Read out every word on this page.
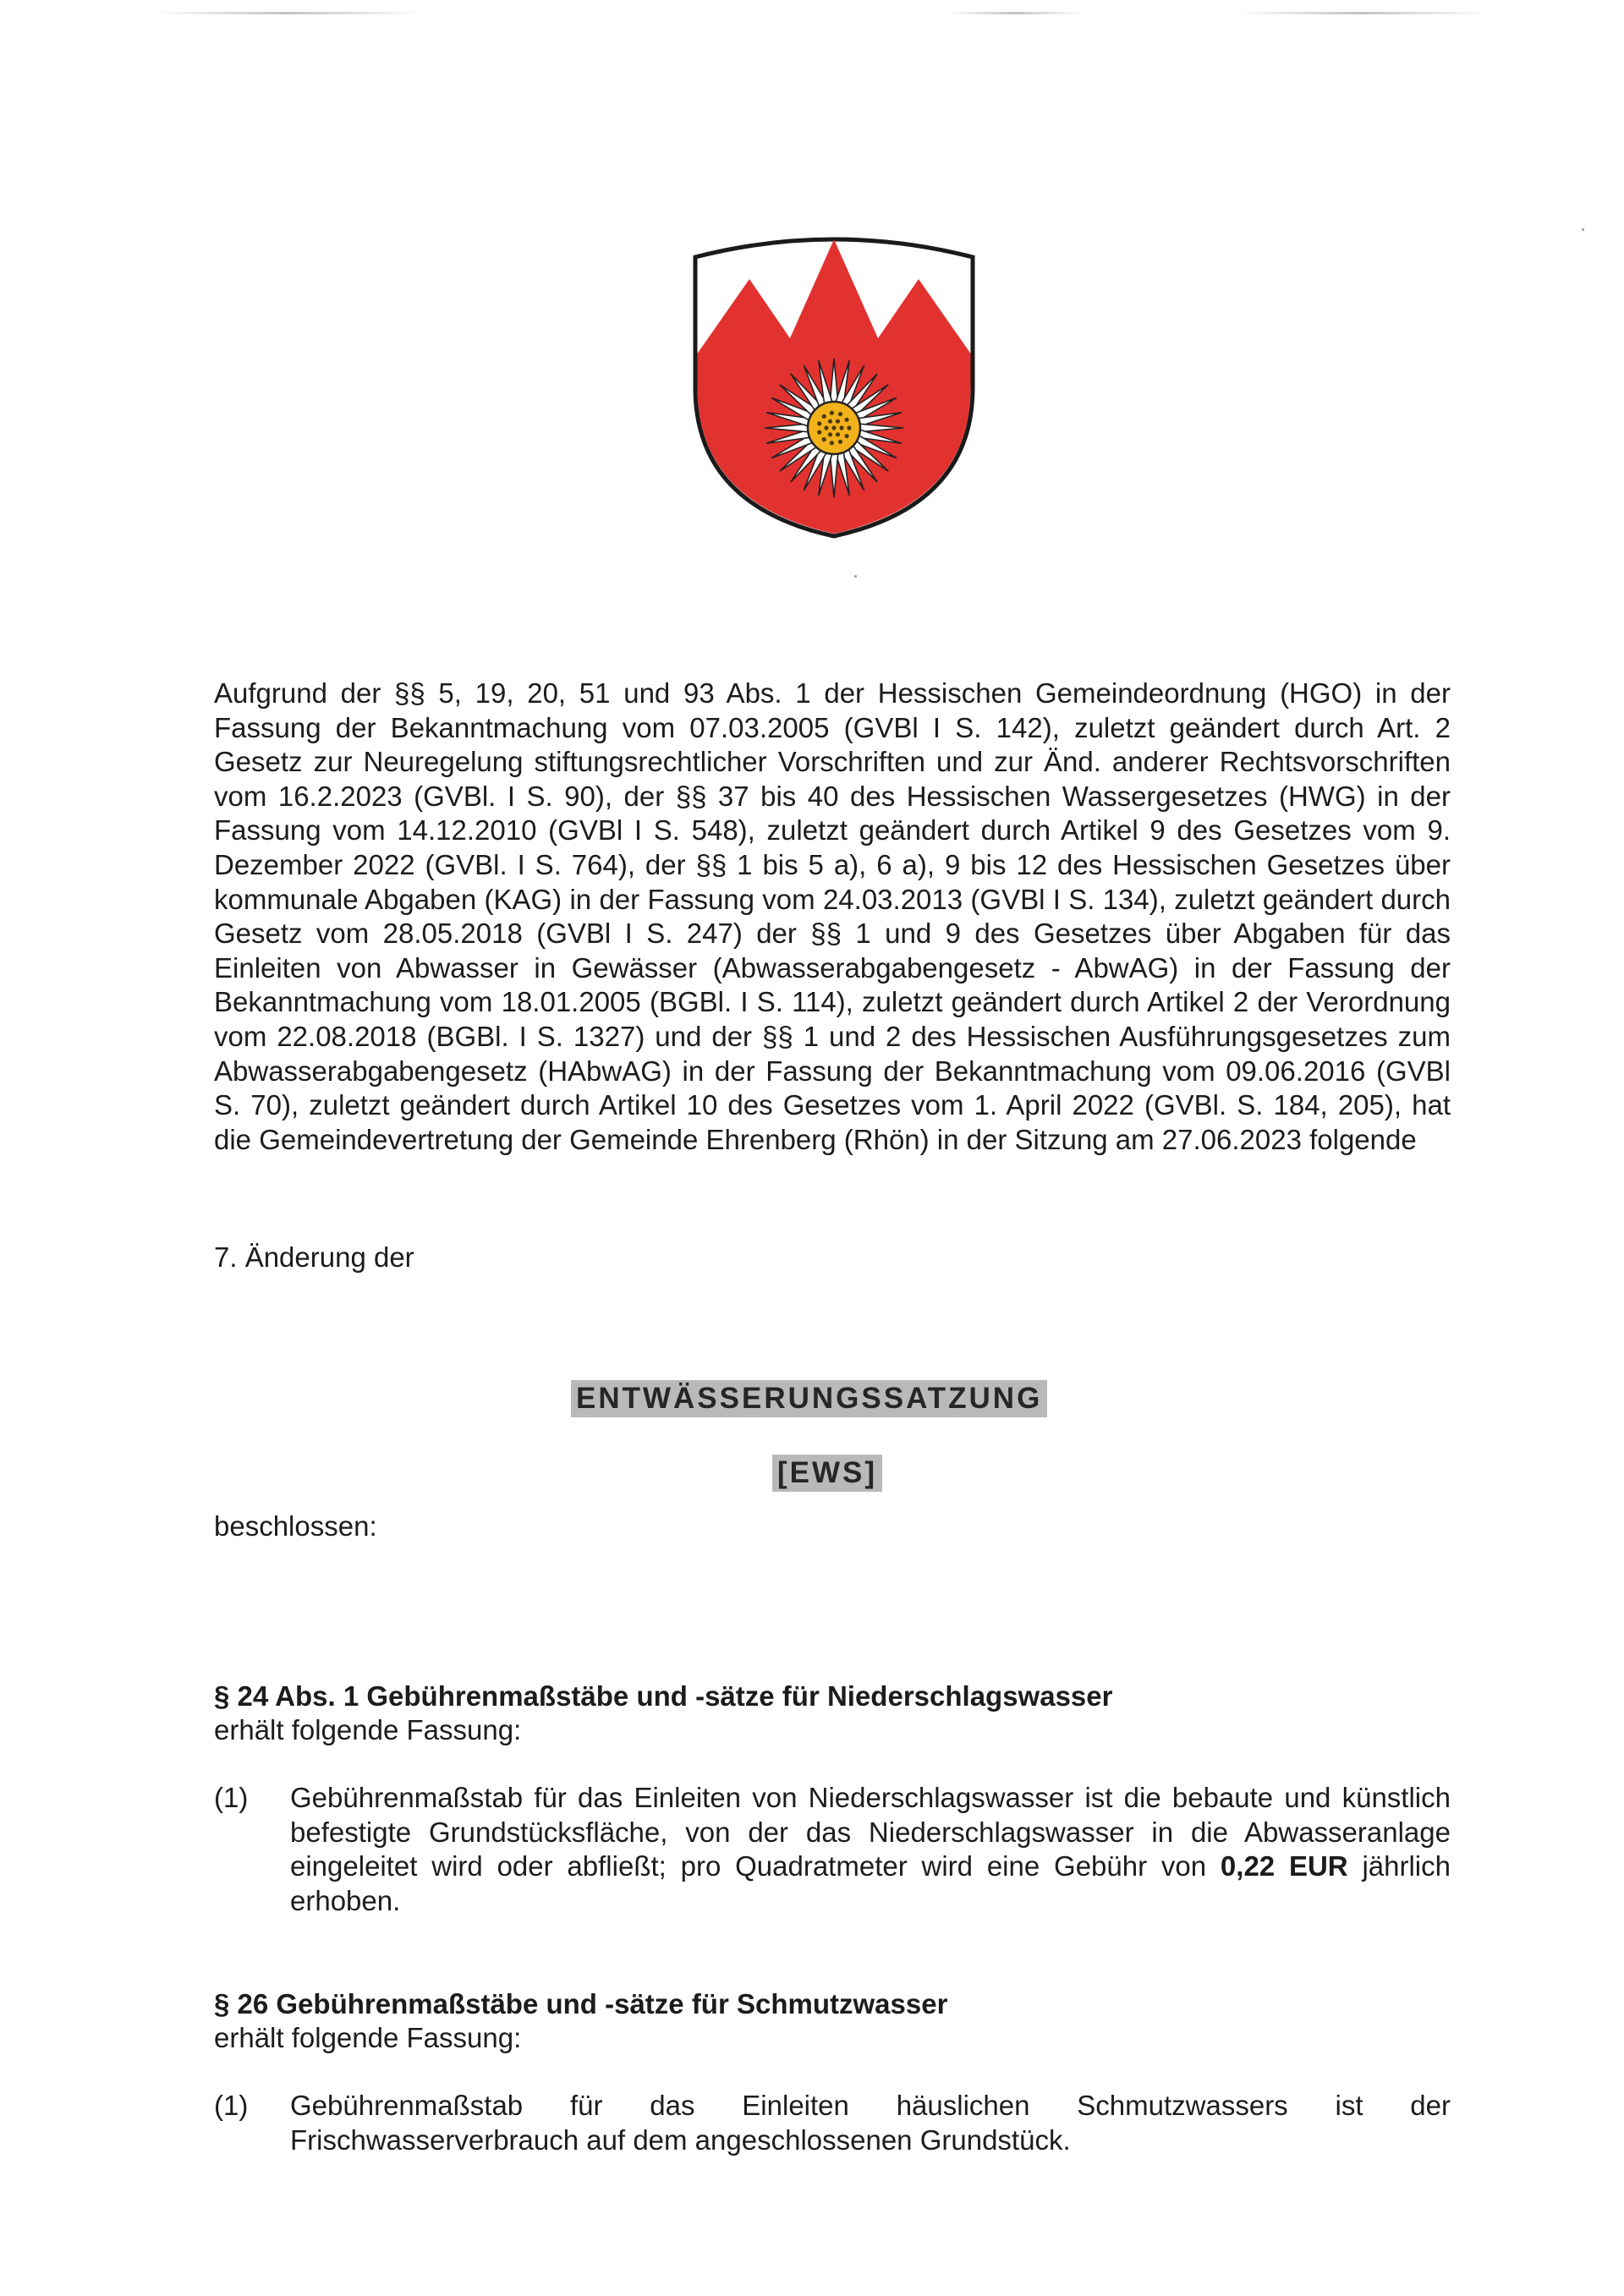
Aufgrund der §§ 5, 19, 20, 51 und 93 Abs. 1 der Hessischen Gemeindeordnung (HGO) in der Fassung der Bekanntmachung vom 07.03.2005 (GVBl I S. 142), zuletzt geändert durch Art. 2 Gesetz zur Neuregelung stiftungsrechtlicher Vorschriften und zur Änd. anderer Rechtsvorschriften vom 16.2.2023 (GVBl. I S. 90), der §§ 37 bis 40 des Hessischen Wassergesetzes (HWG) in der Fassung vom 14.12.2010 (GVBl I S. 548), zuletzt geändert durch Artikel 9 des Gesetzes vom 9. Dezember 2022 (GVBl. I S. 764), der §§ 1 bis 5 a), 6 a), 9 bis 12 des Hessischen Gesetzes über kommunale Abgaben (KAG) in der Fassung vom 24.03.2013 (GVBl I S. 134), zuletzt geändert durch Gesetz vom 28.05.2018 (GVBl I S. 247) der §§ 1 und 9 des Gesetzes über Abgaben für das Einleiten von Abwasser in Gewässer (Abwasserabgabengesetz - AbwAG) in der Fassung der Bekanntmachung vom 18.01.2005 (BGBl. I S. 114), zuletzt geändert durch Artikel 2 der Verordnung vom 22.08.2018 (BGBl. I S. 1327) und der §§ 1 und 2 des Hessischen Ausführungsgesetzes zum Abwasserabgabengesetz (HAbwAG) in der Fassung der Bekanntmachung vom 09.06.2016 (GVBl S. 70), zuletzt geändert durch Artikel 10 des Gesetzes vom 1. April 2022 (GVBl. S. 184, 205), hat die Gemeindevertretung der Gemeinde Ehrenberg (Rhön) in der Sitzung am 27.06.2023 folgende

7. Änderung der

ENTWÄSSERUNGSSATZUNG

[EWS]

beschlossen:

§ 24 Abs. 1 Gebührenmaßstäbe und -sätze für Niederschlagswasser
erhält folgende Fassung:
(1) Gebührenmaßstab für das Einleiten von Niederschlagswasser ist die bebaute und künstlich befestigte Grundstücksfläche, von der das Niederschlagswasser in die Abwasseranlage eingeleitet wird oder abfließt; pro Quadratmeter wird eine Gebühr von 0,22 EUR jährlich erhoben.
§ 26 Gebührenmaßstäbe und -sätze für Schmutzwasser
erhält folgende Fassung:
(1) Gebührenmaßstab für das Einleiten häuslichen Schmutzwassers ist der Frischwasserverbrauch auf dem angeschlossenen Grundstück.
